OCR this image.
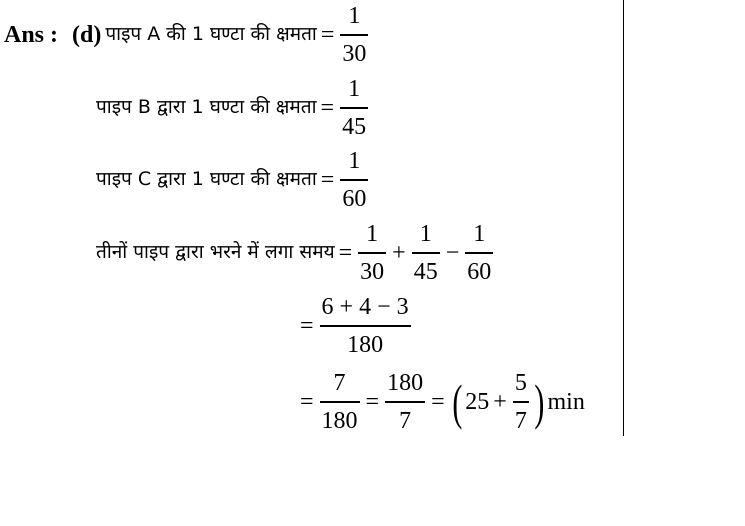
Ans : (d) पाइप A की 1 घण्टा की क्षमता = $\frac{1}{30}$
पाइप B द्वारा 1 घण्टा की क्षमता = $\frac{1}{45}$
पाइप C द्वारा 1 घण्टा की क्षमता = $\frac{1}{60}$
तीनों पाइप द्वारा भरने में लगा समय = $\frac{1}{30} + \frac{1}{45} - \frac{1}{60}$
= $\frac{6 + 4 - 3}{180}$
= $\frac{7}{180} = \frac{180}{7}$ = ( $25 + \frac{5}{7}$ ) min
